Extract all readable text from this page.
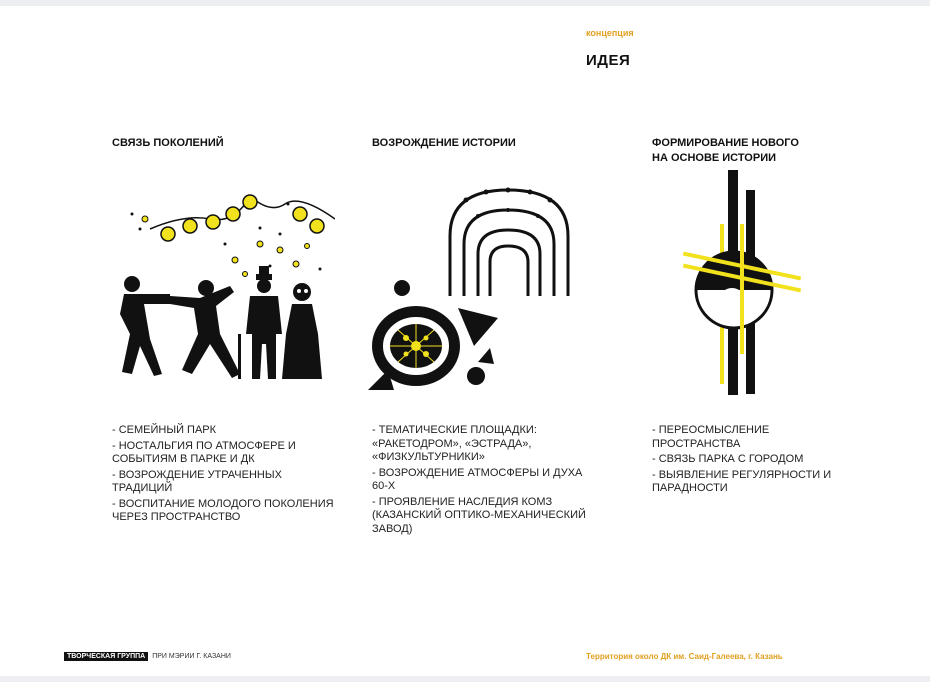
концепция
ИДЕЯ
СВЯЗЬ ПОКОЛЕНИЙ	ВОЗРОЖДЕНИЕ ИСТОРИИ	ФОРМИРОВАНИЕ НОВОГО
НА ОСНОВЕ ИСТОРИИ
- СЕМЕЙНЫЙ ПАРК
- НОСТАЛЬГИЯ ПО АТМОСФЕРЕ И СОБЫТИЯМ В ПАРКЕ И ДК
- ВОЗРОЖДЕНИЕ УТРАЧЕННЫХ ТРАДИЦИЙ
- ВОСПИТАНИЕ МОЛОДОГО ПОКОЛЕНИЯ ЧЕРЕЗ ПРОСТРАНСТВО
- ТЕМАТИЧЕСКИЕ ПЛОЩАДКИ: «РАКЕТОДРОМ», «ЭСТРАДА», «ФИЗКУЛЬТУРНИКИ»
- ВОЗРОЖДЕНИЕ АТМОСФЕРЫ И ДУХА 60-Х
- ПРОЯВЛЕНИЕ НАСЛЕДИЯ КОМЗ (КАЗАНСКИЙ ОПТИКО-МЕХАНИЧЕСКИЙ ЗАВОД)
- ПЕРЕОСМЫСЛЕНИЕ ПРОСТРАНСТВА
- СВЯЗЬ ПАРКА С ГОРОДОМ
- ВЫЯВЛЕНИЕ РЕГУЛЯРНОСТИ И ПАРАДНОСТИ
ТВОРЧЕСКАЯ ГРУППА	ПРИ МЭРИИ Г. КАЗАНИ	Территория около ДК им. Саид-Галеева, г. Казань
